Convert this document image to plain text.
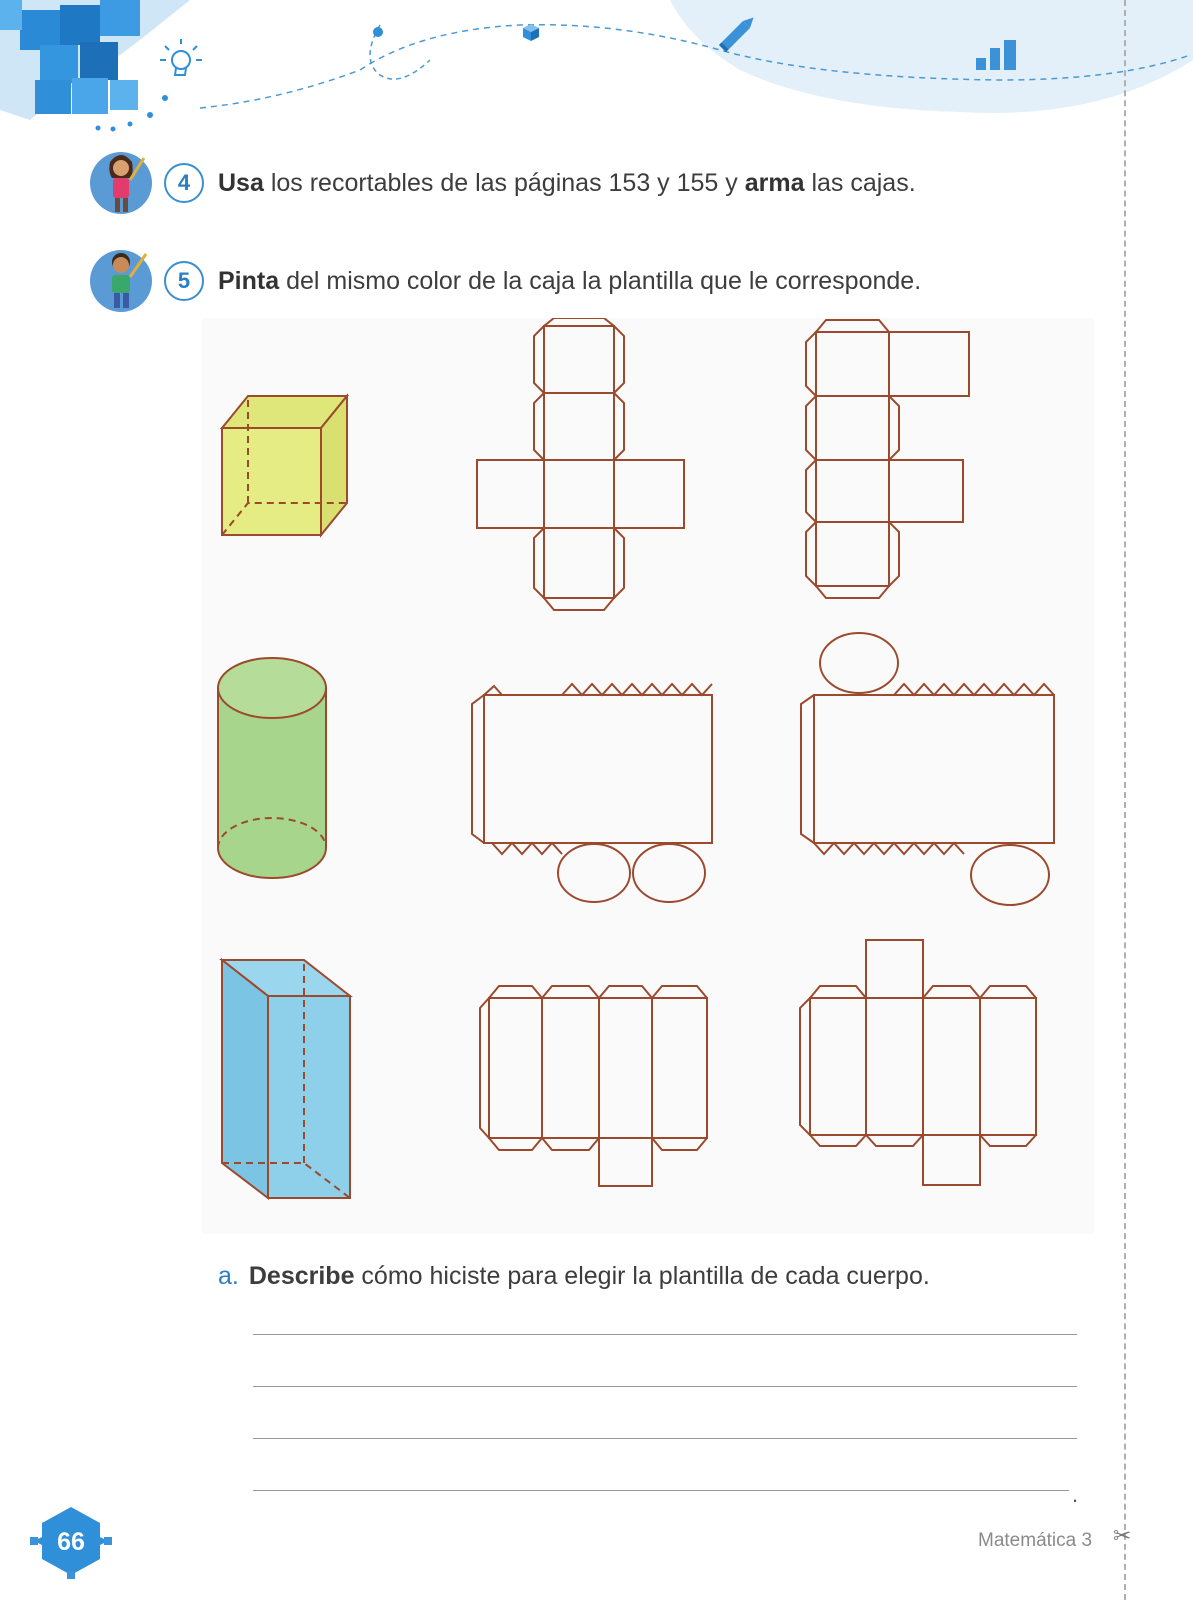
4	Usa los recortables de las páginas 153 y 155 y arma las cajas.
5	Pinta del mismo color de la caja la plantilla que le corresponde.
a. Describe cómo hiciste para elegir la plantilla de cada cuerpo.
.
66	Matemática 3 ✂
